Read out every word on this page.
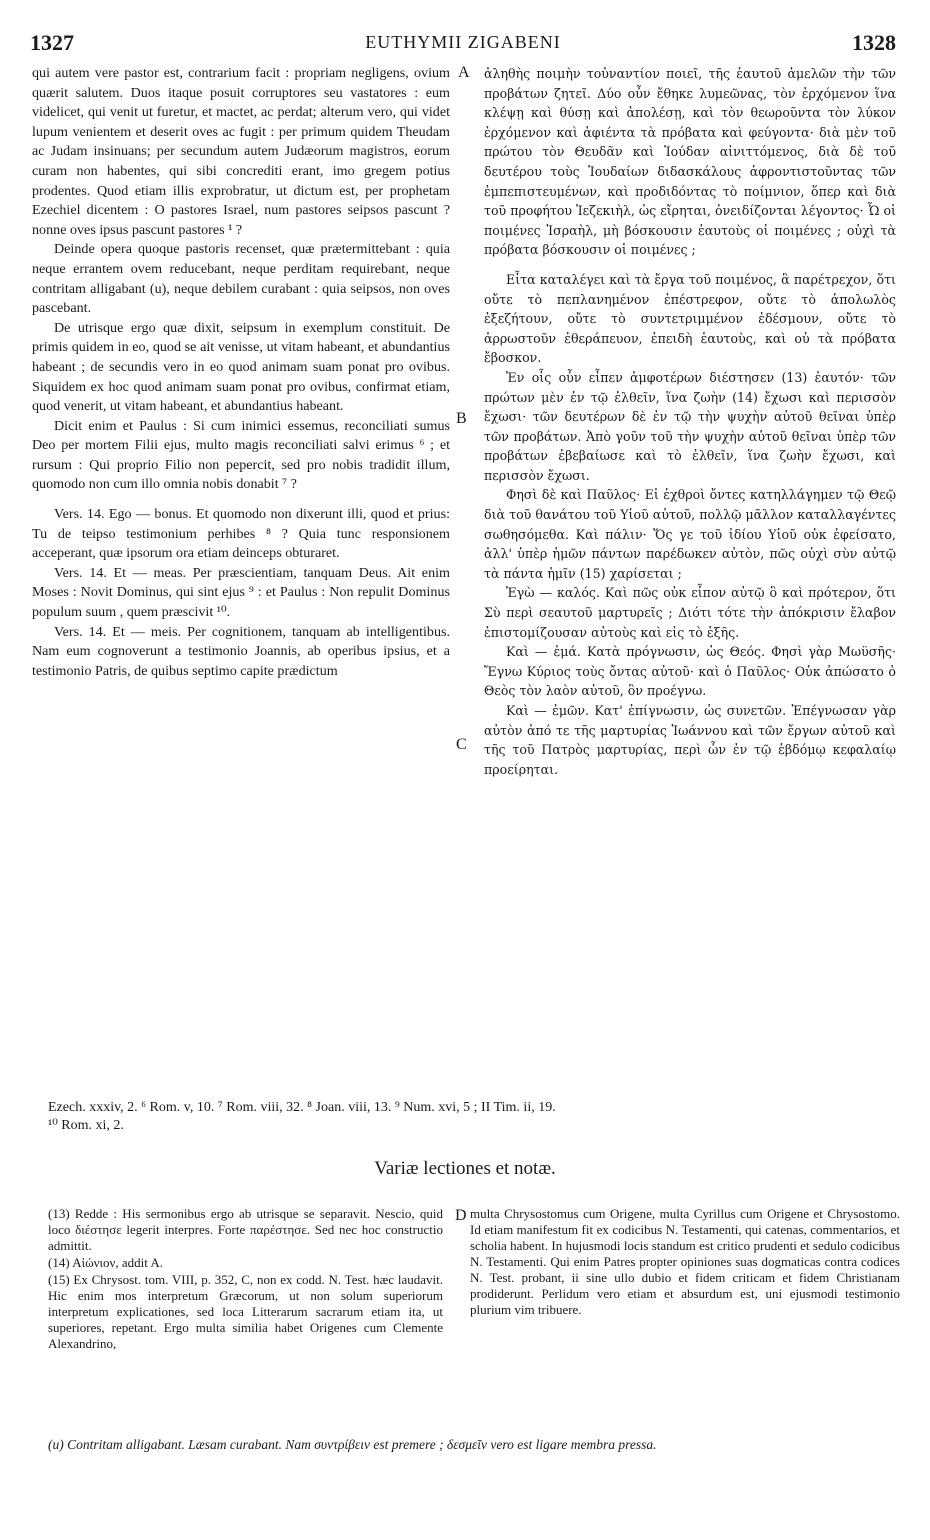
1327	EUTHYMII ZIGABENI	1328
A
B
C
D

qui autem vere pastor est, contrarium facit : propriam negligens, ovium quærit salutem. Duos itaque posuit corruptores seu vastatores : eum videlicet, qui venit ut furetur, et mactet, ac perdat; alterum vero, qui videt lupum venientem et deserit oves ac fugit : per primum quidem Theudam ac Judam insinuans; per secundum autem Judæorum magistros, eorum curam non habentes, qui sibi concrediti erant, imo gregem potius prodentes. Quod etiam illis exprobratur, ut dictum est, per prophetam Ezechiel dicentem : O pastores Israel, num pastores seipsos pascunt ? nonne oves ipsus pascunt pastores ¹ ?

Deinde opera quoque pastoris recenset, quæ prætermittebant : quia neque errantem ovem reducebant, neque perditam requirebant, neque contritam alligabant (u), neque debilem curabant : quia seipsos, non oves pascebant.

De utrisque ergo quæ dixit, seipsum in exemplum constituit. De primis quidem in eo, quod se ait venisse, ut vitam habeant, et abundantius habeant ; de secundis vero in eo quod animam suam ponat pro ovibus. Siquidem ex hoc quod animam suam ponat pro ovibus, confirmat etiam, quod venerit, ut vitam habeant, et abundantius habeant.

Dicit enim et Paulus : Si cum inimici essemus, reconciliati sumus Deo per mortem Filii ejus, multo magis reconciliati salvi erimus ⁶ ; et rursum : Qui proprio Filio non pepercit, sed pro nobis tradidit illum, quomodo non cum illo omnia nobis donabit ⁷ ?

Vers. 14. Ego — bonus. Et quomodo non dixerunt illi, quod et prius: Tu de teipso testimonium perhibes ⁸ ? Quia tunc responsionem acceperant, quæ ipsorum ora etiam deinceps obturaret.

Vers. 14. Et — meas. Per præscientiam, tanquam Deus. Ait enim Moses : Novit Dominus, qui sint ejus ⁹ : et Paulus : Non repulit Dominus populum suum , quem præscivit ¹⁰.

Vers. 14. Et — meis. Per cognitionem, tanquam ab intelligentibus. Nam eum cognoverunt a testimonio Joannis, ab operibus ipsius, et a testimonio Patris, de quibus septimo capite prædictum

ἀληθὴς ποιμὴν τοὐναντίον ποιεῖ, τῆς ἑαυτοῦ ἀμελῶν τὴν τῶν προβάτων ζητεῖ. Δύο οὖν ἔθηκε λυμεῶνας, τὸν ἐρχόμενον ἵνα κλέψῃ καὶ θύσῃ καὶ ἀπολέσῃ, καὶ τὸν θεωροῦντα τὸν λύκον ἐρχόμενον καὶ ἀφιέντα τὰ πρόβατα καὶ φεύγοντα· διὰ μὲν τοῦ πρώτου τὸν Θευδᾶν καὶ Ἰούδαν αἰνιττόμενος, διὰ δὲ τοῦ δευτέρου τοὺς Ἰουδαίων διδασκάλους ἀφροντιστοῦντας τῶν ἐμπεπιστευμένων, καὶ προδιδόντας τὸ ποίμνιον, ὅπερ καὶ διὰ τοῦ προφήτου Ἰεζεκιὴλ, ὡς εἴρηται, ὀνειδίζονται λέγοντος· Ὦ οἱ ποιμένες Ἰσραὴλ, μὴ βόσκουσιν ἑαυτοὺς οἱ ποιμένες ; οὐχὶ τὰ πρόβατα βόσκουσιν οἱ ποιμένες ;

Εἶτα καταλέγει καὶ τὰ ἔργα τοῦ ποιμένος, ἃ παρέτρεχον, ὅτι οὔτε τὸ πεπλανημένον ἐπέστρεφον, οὔτε τὸ ἀπολωλὸς ἐξεζήτουν, οὔτε τὸ συντετριμμένον ἐδέσμουν, οὔτε τὸ ἀρρωστοῦν ἐθεράπευον, ἐπειδὴ ἑαυτοὺς, καὶ οὐ τὰ πρόβατα ἔβοσκον.

Ἐν οἷς οὖν εἶπεν ἀμφοτέρων διέστησεν (13) ἑαυτόν· τῶν πρώτων μὲν ἐν τῷ ἐλθεῖν, ἵνα ζωὴν (14) ἔχωσι καὶ περισσὸν ἔχωσι· τῶν δευτέρων δὲ ἐν τῷ τὴν ψυχὴν αὐτοῦ θεῖναι ὑπὲρ τῶν προβάτων. Ἀπὸ γοῦν τοῦ τὴν ψυχὴν αὐτοῦ θεῖναι ὑπὲρ τῶν προβάτων ἐβεβαίωσε καὶ τὸ ἐλθεῖν, ἵνα ζωὴν ἔχωσι, καὶ περισσὸν ἔχωσι.

Φησὶ δὲ καὶ Παῦλος· Εἰ ἐχθροὶ ὄντες κατηλλάγημεν τῷ Θεῷ διὰ τοῦ θανάτου τοῦ Υἱοῦ αὐτοῦ, πολλῷ μᾶλλον καταλλαγέντες σωθησόμεθα. Καὶ πάλιν· Ὅς γε τοῦ ἰδίου Υἱοῦ οὐκ ἐφείσατο, ἀλλ' ὑπὲρ ἡμῶν πάντων παρέδωκεν αὐτὸν, πῶς οὐχὶ σὺν αὐτῷ τὰ πάντα ἡμῖν (15) χαρίσεται ;

Ἐγὼ — καλός. Καὶ πῶς οὐκ εἶπον αὐτῷ ὃ καὶ πρότερον, ὅτι Σὺ περὶ σεαυτοῦ μαρτυρεῖς ; Διότι τότε τὴν ἀπόκρισιν ἔλαβον ἐπιστομίζουσαν αὐτοὺς καὶ εἰς τὸ ἑξῆς.

Καὶ — ἐμά. Κατὰ πρόγνωσιν, ὡς Θεός. Φησὶ γὰρ Μωϋσῆς· Ἔγνω Κύριος τοὺς ὄντας αὐτοῦ· καὶ ὁ Παῦλος· Οὐκ ἀπώσατο ὁ Θεὸς τὸν λαὸν αὐτοῦ, ὃν προέγνω.

Καὶ — ἐμῶν. Κατ' ἐπίγνωσιν, ὡς συνετῶν. Ἐπέγνωσαν γὰρ αὐτὸν ἀπό τε τῆς μαρτυρίας Ἰωάννου καὶ τῶν ἔργων αὐτοῦ καὶ τῆς τοῦ Πατρὸς μαρτυρίας, περὶ ὧν ἐν τῷ ἑβδόμῳ κεφαλαίῳ προείρηται.

Ezech. xxxiv, 2. ⁶ Rom. v, 10. ⁷ Rom. viii, 32. ⁸ Joan. viii, 13. ⁹ Num. xvi, 5 ; II Tim. ii, 19.
¹⁰ Rom. xi, 2.
Variæ lectiones et notæ.

(13) Redde : His sermonibus ergo ab utrisque se separavit. Nescio, quid loco διέστησε legerit interpres. Forte παρέστησε. Sed nec hoc constructio admittit.

(14) Αἰώνιον, addit A.

(15) Ex Chrysost. tom. VIII, p. 352, C, non ex codd. N. Test. hæc laudavit. Hic enim mos interpretum Græcorum, ut non solum superiorum interpretum explicationes, sed loca Litterarum sacrarum etiam ita, ut superiores, repetant. Ergo multa similia habet Origenes cum Clemente Alexandrino,

multa Chrysostomus cum Origene, multa Cyrillus cum Origene et Chrysostomo. Id etiam manifestum fit ex codicibus N. Testamenti, qui catenas, commentarios, et scholia habent. In hujusmodi locis standum est critico prudenti et sedulo codicibus N. Testamenti. Qui enim Patres propter opiniones suas dogmaticas contra codices N. Test. probant, ii sine ullo dubio et fidem criticam et fidem Christianam prodiderunt. Perlidum vero etiam et absurdum est, uni ejusmodi testimonio plurium vim tribuere.

(u) Contritam alligabant. Læsam curabant. Nam συντρίβειν est premere ; δεσμεῖν vero est ligare membra pressa.
